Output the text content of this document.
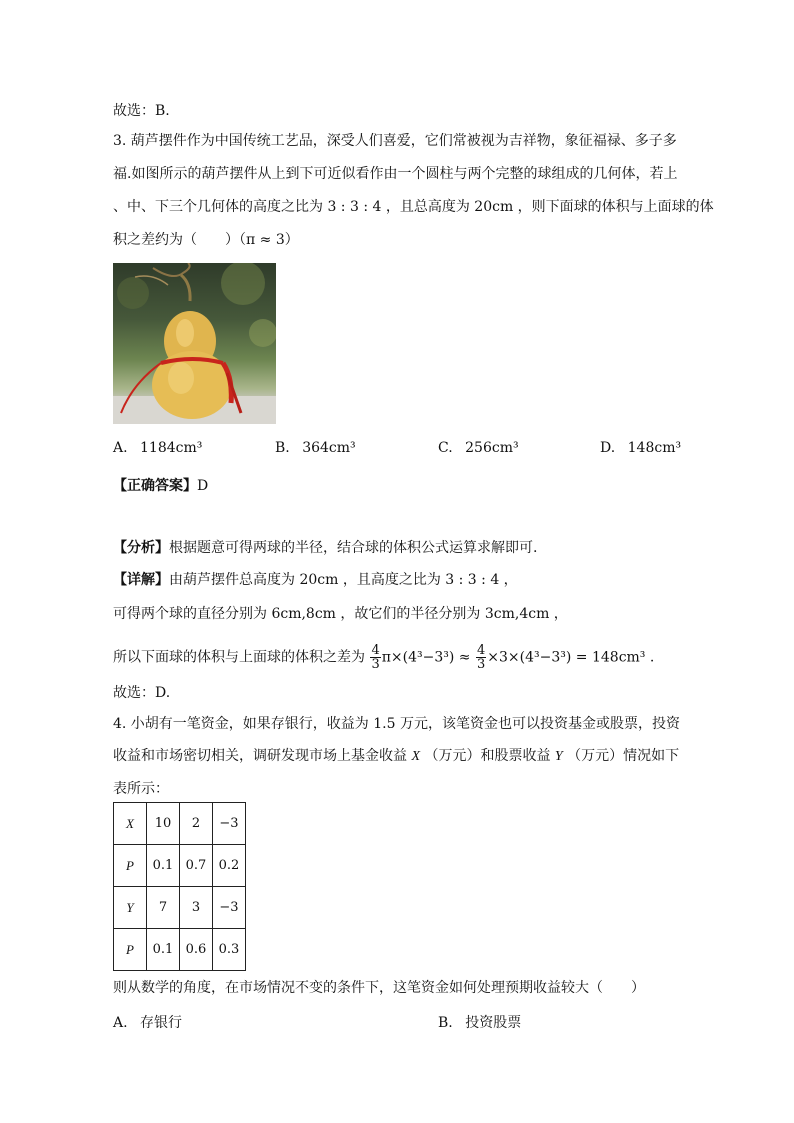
故选：B.
3. 葫芦摆件作为中国传统工艺品，深受人们喜爱，它们常被视为吉祥物，象征福禄、多子多
福.如图所示的葫芦摆件从上到下可近似看作由一个圆柱与两个完整的球组成的几何体，若上
、中、下三个几何体的高度之比为 3 : 3 : 4 ，且总高度为 20cm ，则下面球的体积与上面球的体
积之差约为（　　）（π ≈ 3）
A. 1184cm³	B. 364cm³	C. 256cm³	D. 148cm³
【正确答案】D
【分析】根据题意可得两球的半径，结合球的体积公式运算求解即可.
【详解】由葫芦摆件总高度为 20cm ，且高度之比为 3 : 3 : 4 ，
可得两个球的直径分别为 6cm,8cm ，故它们的半径分别为 3cm,4cm ，
所以下面球的体积与上面球的体积之差为 $\frac{4}{3} \pi\times(4^3-3^3) \approx \frac{4}{3} \times 3\times(4^3-3^3) = 148cm^3$ .
故选：D.
4. 小胡有一笔资金，如果存银行，收益为 1.5 万元，该笔资金也可以投资基金或股票，投资
收益和市场密切相关，调研发现市场上基金收益 X （万元）和股票收益 Y （万元）情况如下
表所示：
X	10	2	−3
P	0.1	0.7	0.2
Y	7	3	−3
P	0.1	0.6	0.3
则从数学的角度，在市场情况不变的条件下，这笔资金如何处理预期收益较大（　　）
A. 存银行	B. 投资股票
